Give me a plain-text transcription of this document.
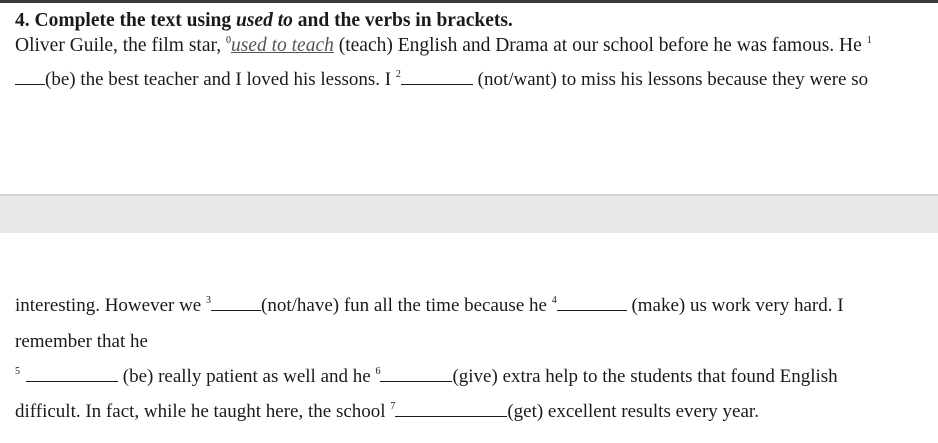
4. Complete the text using used to and the verbs in brackets.
Oliver Guile, the film star, $^0$used to teach (teach) English and Drama at our school before he was famous. He $^1$
(be) the best teacher and I loved his lessons. I $^2$	(not/want) to miss his lessons because they were so
interesting. However we $^3$	(not/have) fun all the time because he $^4$	(make) us work very hard. I
remember that he
$^5$	(be) really patient as well and he $^6$	(give) extra help to the students that found English
difficult. In fact, while he taught here, the school $^7$	(get) excellent results every year.
